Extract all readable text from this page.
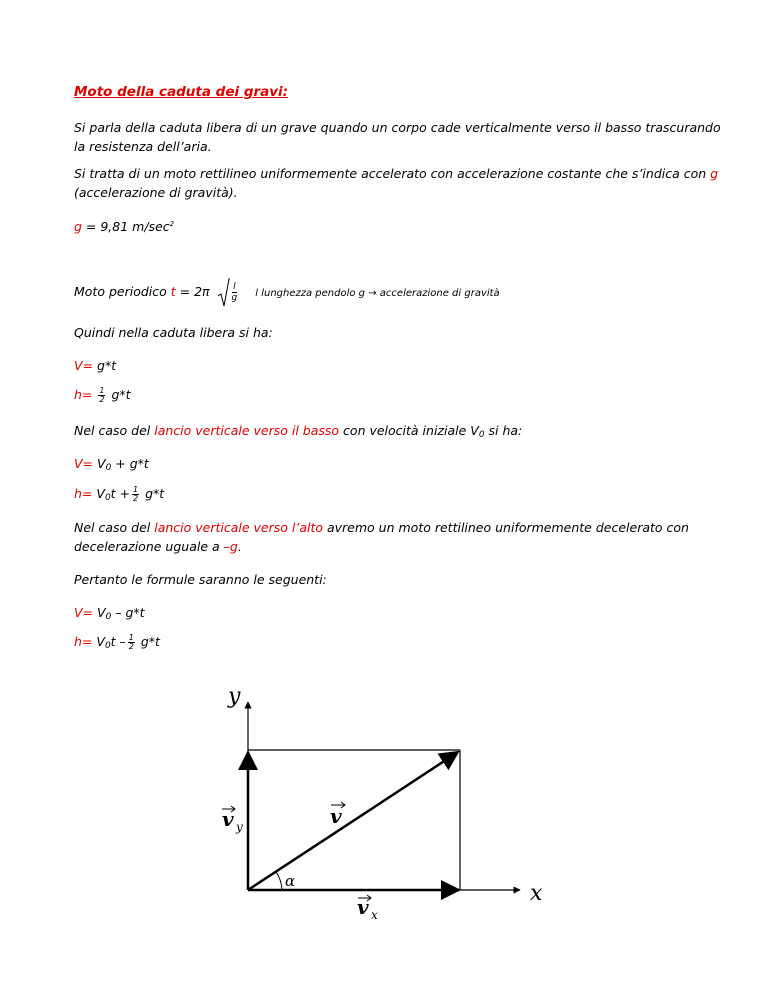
Moto della caduta dei gravi:
Si parla della caduta libera di un grave quando un corpo cade verticalmente verso il basso trascurando
la resistenza dell’aria.
Si tratta di un moto rettilineo uniformemente accelerato con accelerazione costante che s’indica con g
(accelerazione di gravità).
g = 9,81 $m/\sec^2$
Moto periodico $t = 2\pi \frac{l}{g}$ l lunghezza pendolo g → accelerazione di gravità
Quindi nella caduta libera si ha:
V= g*t
$h= \frac{1}{2} g*t$
Nel caso del lancio verticale verso il basso con velocità iniziale $V_0$ si ha:
$V= V_0 + g*t$
$h= V_0t + \frac{1}{2} g*t$
Nel caso del lancio verticale verso l’alto avremo un moto rettilineo uniformemente decelerato con
decelerazione uguale a –g.
Pertanto le formule saranno le seguenti:
$V= V_0 - g*t$
$h= V_0t - \frac{1}{2} g*t$
y
x
v y	v
v x
α
